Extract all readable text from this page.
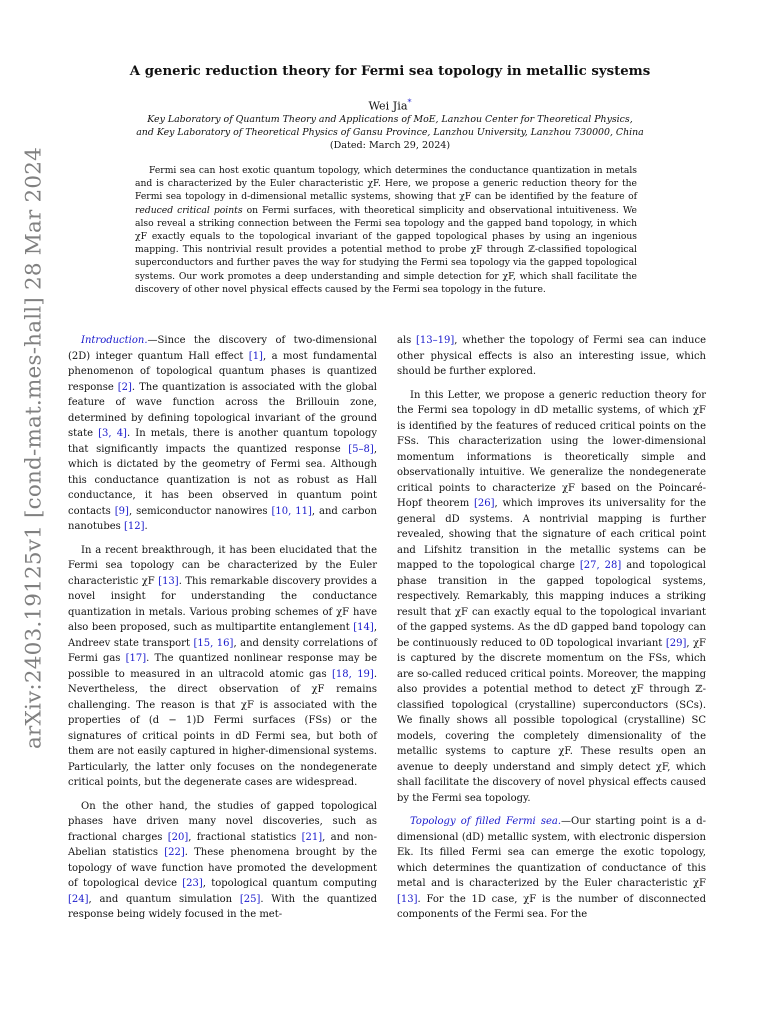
arXiv:2403.19125v1 [cond-mat.mes-hall] 28 Mar 2024
A generic reduction theory for Fermi sea topology in metallic systems
Wei Jia*
Key Laboratory of Quantum Theory and Applications of MoE, Lanzhou Center for Theoretical Physics,
and Key Laboratory of Theoretical Physics of Gansu Province, Lanzhou University, Lanzhou 730000, China
(Dated: March 29, 2024)

Fermi sea can host exotic quantum topology, which determines the conductance quantization in metals and is characterized by the Euler characteristic χF. Here, we propose a generic reduction theory for the Fermi sea topology in d-dimensional metallic systems, showing that χF can be identified by the feature of reduced critical points on Fermi surfaces, with theoretical simplicity and observational intuitiveness. We also reveal a striking connection between the Fermi sea topology and the gapped band topology, in which χF exactly equals to the topological invariant of the gapped topological phases by using an ingenious mapping. This nontrivial result provides a potential method to probe χF through ℤ-classified topological superconductors and further paves the way for studying the Fermi sea topology via the gapped topological systems. Our work promotes a deep understanding and simple detection for χF, which shall facilitate the discovery of other novel physical effects caused by the Fermi sea topology in the future.

Introduction.—Since the discovery of two-dimensional (2D) integer quantum Hall effect [1], a most fundamental phenomenon of topological quantum phases is quantized response [2]. The quantization is associated with the global feature of wave function across the Brillouin zone, determined by defining topological invariant of the ground state [3, 4]. In metals, there is another quantum topology that significantly impacts the quantized response [5–8], which is dictated by the geometry of Fermi sea. Although this conductance quantization is not as robust as Hall conductance, it has been observed in quantum point contacts [9], semiconductor nanowires [10, 11], and carbon nanotubes [12].

In a recent breakthrough, it has been elucidated that the Fermi sea topology can be characterized by the Euler characteristic χF [13]. This remarkable discovery provides a novel insight for understanding the conductance quantization in metals. Various probing schemes of χF have also been proposed, such as multipartite entanglement [14], Andreev state transport [15, 16], and density correlations of Fermi gas [17]. The quantized nonlinear response may be possible to measured in an ultracold atomic gas [18, 19]. Nevertheless, the direct observation of χF remains challenging. The reason is that χF is associated with the properties of (d − 1)D Fermi surfaces (FSs) or the signatures of critical points in dD Fermi sea, but both of them are not easily captured in higher-dimensional systems. Particularly, the latter only focuses on the nondegenerate critical points, but the degenerate cases are widespread.

On the other hand, the studies of gapped topological phases have driven many novel discoveries, such as fractional charges [20], fractional statistics [21], and non-Abelian statistics [22]. These phenomena brought by the topology of wave function have promoted the development of topological device [23], topological quantum computing [24], and quantum simulation [25]. With the quantized response being widely focused in the met-

als [13–19], whether the topology of Fermi sea can induce other physical effects is also an interesting issue, which should be further explored.

In this Letter, we propose a generic reduction theory for the Fermi sea topology in dD metallic systems, of which χF is identified by the features of reduced critical points on the FSs. This characterization using the lower-dimensional momentum informations is theoretically simple and observationally intuitive. We generalize the nondegenerate critical points to characterize χF based on the Poincaré-Hopf theorem [26], which improves its universality for the general dD systems. A nontrivial mapping is further revealed, showing that the signature of each critical point and Lifshitz transition in the metallic systems can be mapped to the topological charge [27, 28] and topological phase transition in the gapped topological systems, respectively. Remarkably, this mapping induces a striking result that χF can exactly equal to the topological invariant of the gapped systems. As the dD gapped band topology can be continuously reduced to 0D topological invariant [29], χF is captured by the discrete momentum on the FSs, which are so-called reduced critical points. Moreover, the mapping also provides a potential method to detect χF through ℤ-classified topological (crystalline) superconductors (SCs). We finally shows all possible topological (crystalline) SC models, covering the completely dimensionality of the metallic systems to capture χF. These results open an avenue to deeply understand and simply detect χF, which shall facilitate the discovery of novel physical effects caused by the Fermi sea topology.

Topology of filled Fermi sea.—Our starting point is a d-dimensional (dD) metallic system, with electronic dispersion Ek. Its filled Fermi sea can emerge the exotic topology, which determines the quantization of conductance of this metal and is characterized by the Euler characteristic χF [13]. For the 1D case, χF is the number of disconnected components of the Fermi sea. For the
